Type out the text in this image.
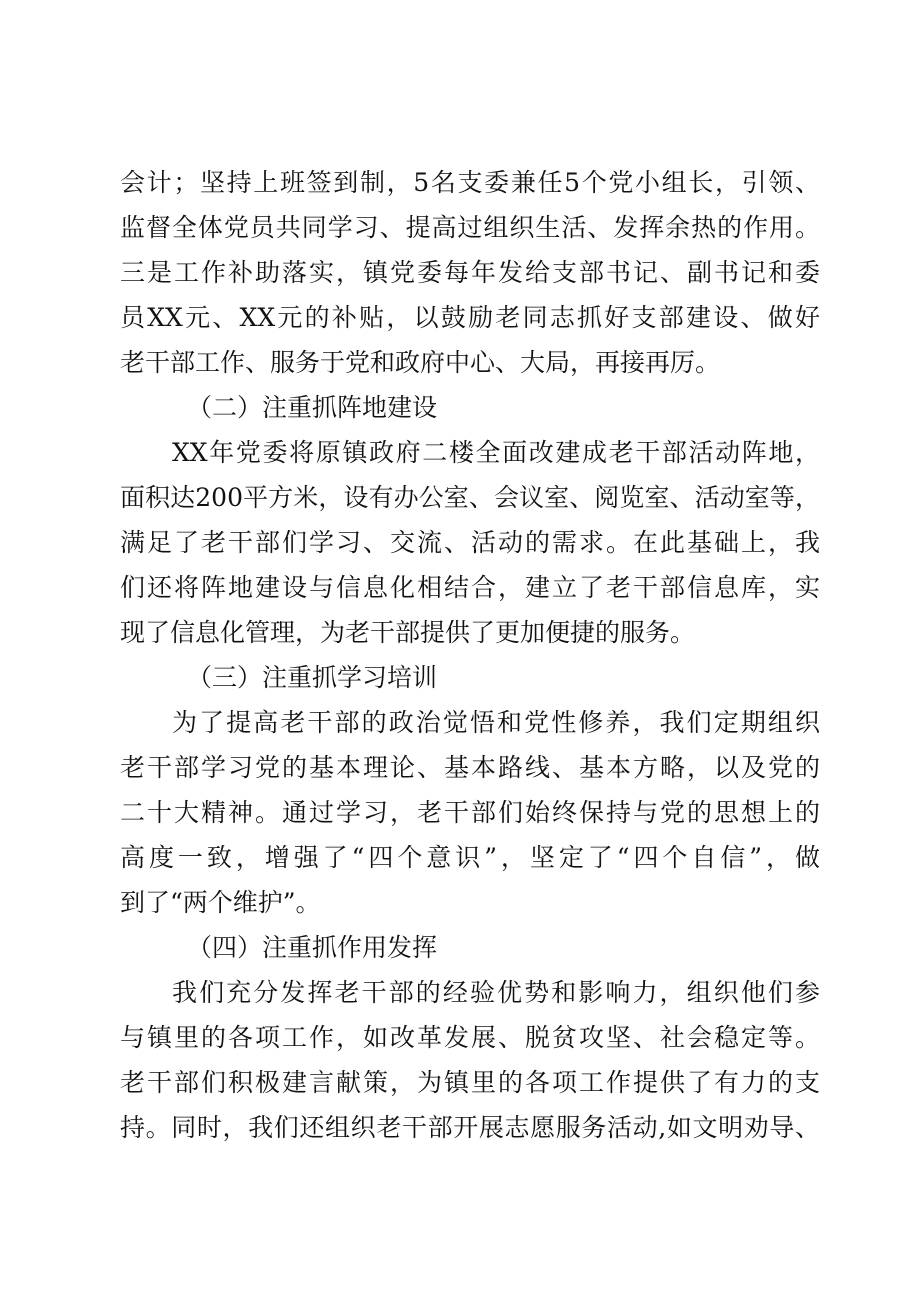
会计；坚持上班签到制，5名支委兼任5个党小组长，引领、
监督全体党员共同学习、提高过组织生活、发挥余热的作用。
三是工作补助落实，镇党委每年发给支部书记、副书记和委
员XX元、XX元的补贴，以鼓励老同志抓好支部建设、做好
老干部工作、服务于党和政府中心、大局，再接再厉。
（二）注重抓阵地建设
XX年党委将原镇政府二楼全面改建成老干部活动阵地，
面积达200平方米，设有办公室、会议室、阅览室、活动室等，
满足了老干部们学习、交流、活动的需求。在此基础上，我
们还将阵地建设与信息化相结合，建立了老干部信息库，实
现了信息化管理，为老干部提供了更加便捷的服务。
（三）注重抓学习培训
为了提高老干部的政治觉悟和党性修养，我们定期组织
老干部学习党的基本理论、基本路线、基本方略，以及党的
二十大精神。通过学习，老干部们始终保持与党的思想上的
高度一致，增强了“四个意识”，坚定了“四个自信”，做
到了“两个维护”。
（四）注重抓作用发挥
我们充分发挥老干部的经验优势和影响力，组织他们参
与镇里的各项工作，如改革发展、脱贫攻坚、社会稳定等。
老干部们积极建言献策，为镇里的各项工作提供了有力的支
持。同时，我们还组织老干部开展志愿服务活动,如文明劝导、
